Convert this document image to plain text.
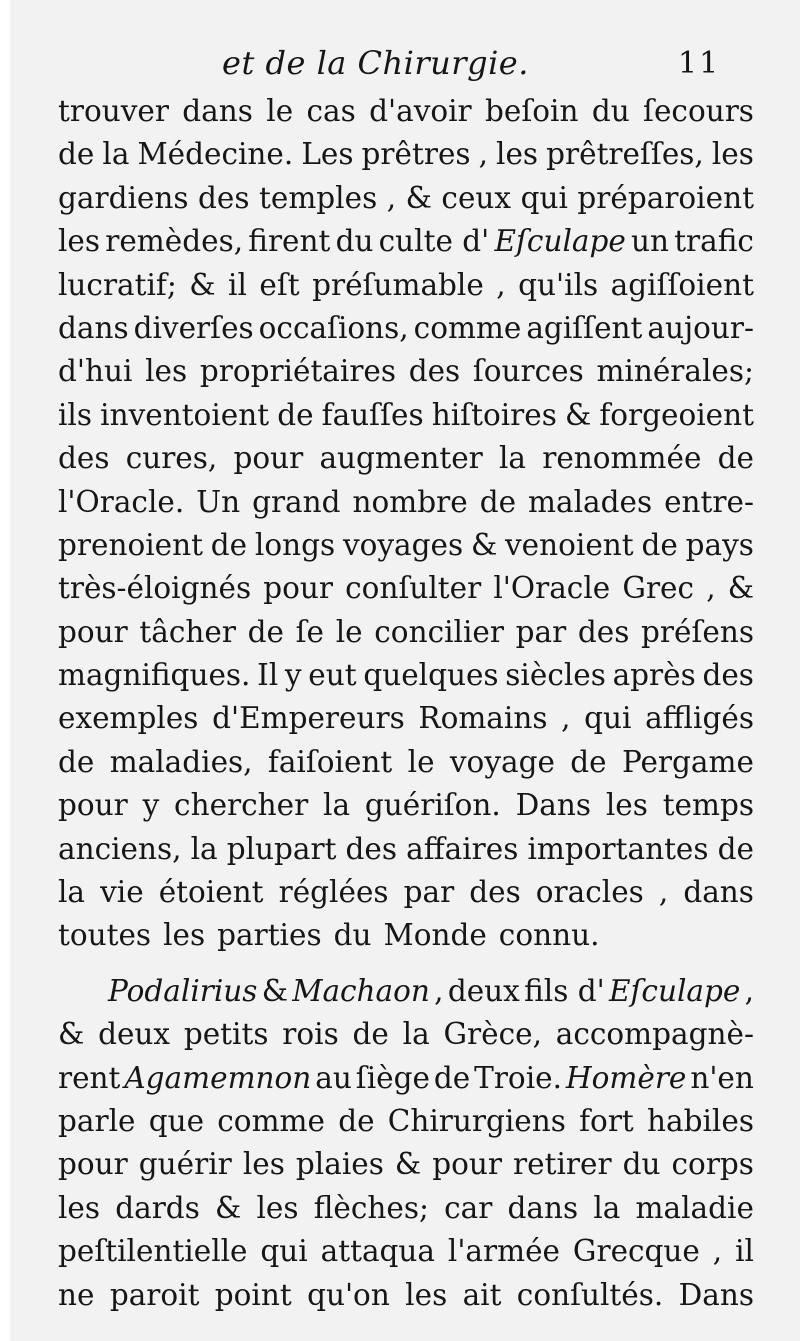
et de la Chirurgie.	11
trouver dans le cas d'avoir beſoin du ſecours
de la Médecine. Les prêtres , les prêtreſſes, les
gardiens des temples , & ceux qui préparoient
les remèdes, firent du culte d' Eſculape un trafic
lucratif; & il eſt préſumable , qu'ils agiſſoient
dans diverſes occaſions, comme agiſſent aujour-
d'hui les propriétaires des ſources minérales;
ils inventoient de fauſſes hiſtoires & forgeoient
des cures, pour augmenter la renommée de
l'Oracle. Un grand nombre de malades entre-
prenoient de longs voyages & venoient de pays
très-éloignés pour conſulter l'Oracle Grec , &
pour tâcher de ſe le concilier par des préſens
magnifiques. Il y eut quelques siècles après des
exemples d'Empereurs Romains , qui affligés
de maladies, faiſoient le voyage de Pergame
pour y chercher la guériſon. Dans les temps
anciens, la plupart des affaires importantes de
la vie étoient réglées par des oracles , dans
toutes les parties du Monde connu.
Podalirius & Machaon , deux fils d' Eſculape ,
& deux petits rois de la Grèce, accompagnè-
rent Agamemnon au ſiège de Troie. Homère n'en
parle que comme de Chirurgiens fort habiles
pour guérir les plaies & pour retirer du corps
les dards & les flèches; car dans la maladie
peſtilentielle qui attaqua l'armée Grecque , il
ne paroit point qu'on les ait conſultés. Dans
